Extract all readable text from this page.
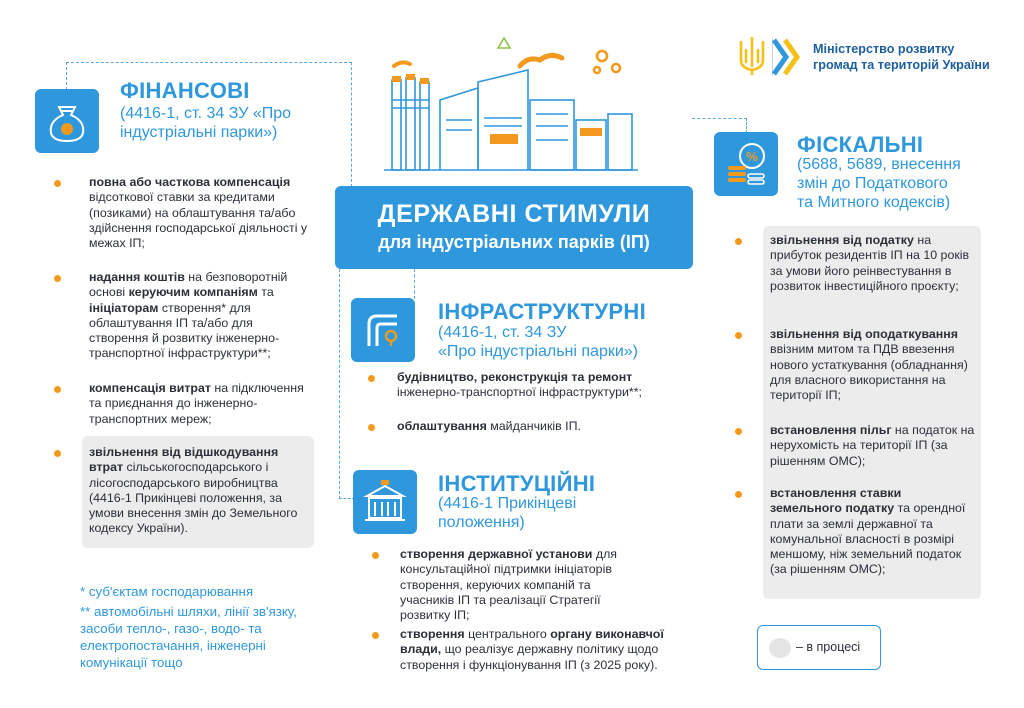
Міністерство розвитку
громад та територій України
ДЕРЖАВНІ СТИМУЛИ
для індустріальних парків (ІП)
ФІНАНСОВІ
(4416-1, ст. 34 ЗУ «Про
індустріальні парки»)
повна або часткова компенсація відсоткової ставки за кредитами (позиками) на облаштування та/або здійснення господарської діяльності у межах ІП;
надання коштів на безповоротній основі керуючим компаніям та ініціаторам створення* для облаштування ІП та/або для створення й розвитку інженерно-транспортної інфраструктури**;
компенсація витрат на підключення та приєднання до інженерно-транспортних мереж;
звільнення від відшкодування втрат сільськогосподарського і лісогосподарського виробництва (4416-1 Прикінцеві положення, за умови внесення змін до Земельного кодексу України).
ІНФРАСТРУКТУРНІ
(4416-1, ст. 34 ЗУ
«Про індустріальні парки»)
будівництво, реконструкція та ремонт
інженерно-транспортної інфраструктури**;
облаштування майданчиків ІП.
ІНСТИТУЦІЙНІ
(4416-1 Прикінцеві
положення)
створення державної установи для консультаційної підтримки ініціаторів створення, керуючих компаній та учасників ІП та реалізації Стратегії розвитку ІП;
створення центрального органу виконавчої влади, що реалізує державну політику щодо створення і функціонування ІП (з 2025 року).
% ФІСКАЛЬНІ
(5688, 5689, внесення
змін до Податкового
та Митного кодексів)
звільнення від податку на прибуток резидентів ІП на 10 років за умови його реінвестування в розвиток інвестиційного проєкту;
звільнення від оподаткування ввізним митом та ПДВ ввезення нового устаткування (обладнання) для власного використання на території ІП;
встановлення пільг на податок на нерухомість на території ІП (за рішенням ОМС);
встановлення ставки земельного податку та орендної плати за землі державної та комунальної власності в розмірі меншому, ніж земельний податок (за рішенням ОМС);
* суб'єктам господарювання
** автомобільні шляхи, лінії зв'язку, засоби тепло-, газо-, водо- та електропостачання, інженерні комунікації тощо
– в процесі
